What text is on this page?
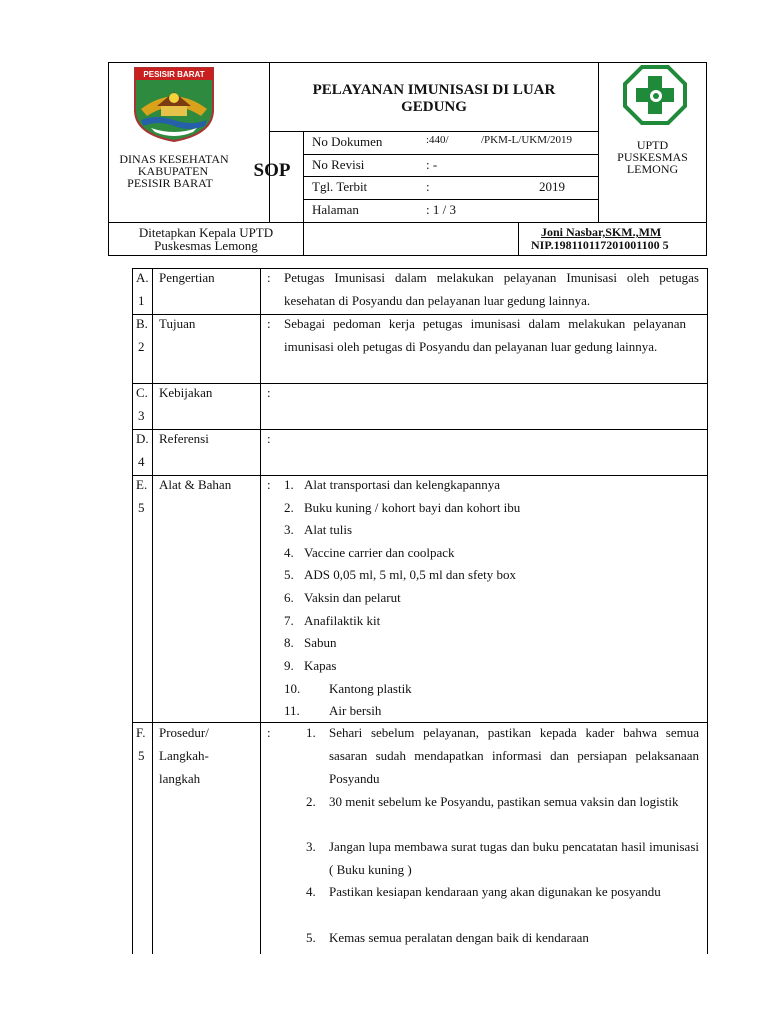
PESISIR BARAT
DINAS KESEHATAN
KABUPATEN
PESISIR BARAT
PELAYANAN IMUNISASI DI LUAR
GEDUNG
SOP
No Dokumen	:440/	/PKM-L/UKM/2019
No Revisi	: -
Tgl. Terbit	:	2019
Halaman	: 1 / 3
UPTD
PUSKESMAS
LEMONG
Ditetapkan Kepala UPTD
Puskesmas Lemong
Joni Nasbar,SKM.,MM
NIP.198110117201001100 5
A.
1
Pengertian	: Petugas Imunisasi dalam melakukan pelayanan Imunisasi oleh petugas kesehatan di Posyandu dan pelayanan luar gedung lainnya.
B.
2
Tujuan	: Sebagai pedoman kerja petugas imunisasi dalam melakukan pelayanan imunisasi oleh petugas di Posyandu dan pelayanan luar gedung lainnya.
C.
3
Kebijakan	:
D.
4
Referensi	:
E.
5
Alat & Bahan	: 1. Alat transportasi dan kelengkapannya
2. Buku kuning / kohort bayi dan kohort ibu
3. Alat tulis
4. Vaccine carrier dan coolpack
5. ADS 0,05 ml, 5 ml, 0,5 ml dan sfety box
6. Vaksin dan pelarut
7. Anafilaktik kit
8. Sabun
9. Kapas
10. Kantong plastik
11. Air bersih
F.
5
Prosedur/
Langkah-
langkah
:	1. Sehari sebelum pelayanan, pastikan kepada kader bahwa semua sasaran sudah mendapatkan informasi dan persiapan pelaksanaan Posyandu
2. 30 menit sebelum ke Posyandu, pastikan semua vaksin dan logistik
3. Jangan lupa membawa surat tugas dan buku pencatatan hasil imunisasi ( Buku kuning )
4. Pastikan kesiapan kendaraan yang akan digunakan ke posyandu
5. Kemas semua peralatan dengan baik di kendaraan
